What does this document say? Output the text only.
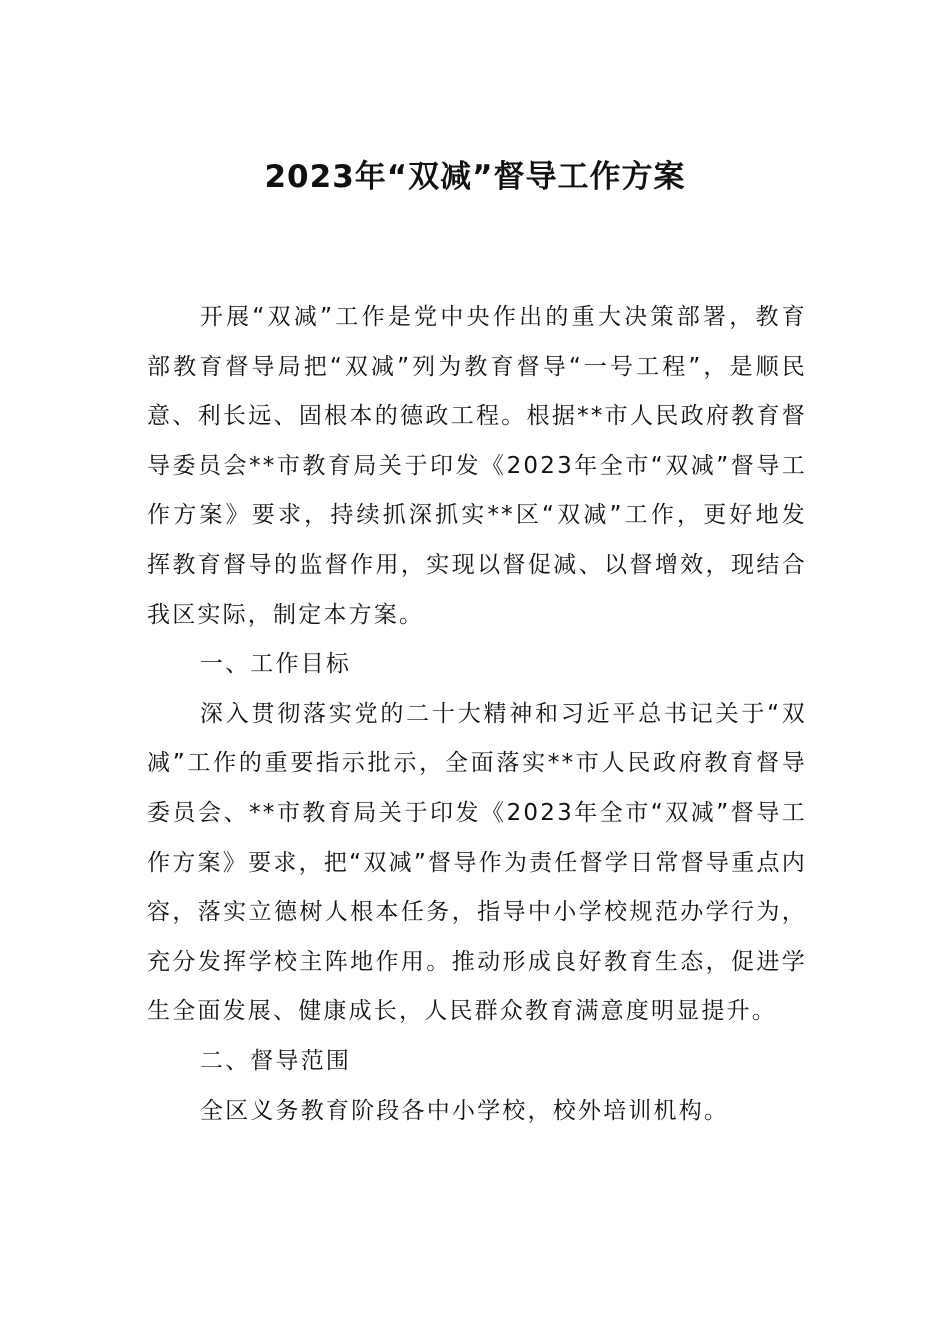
2023年“双减”督导工作方案

开展“双减”工作是党中央作出的重大决策部署，教育部教育督导局把“双减”列为教育督导“一号工程”，是顺民意、利长远、固根本的德政工程。根据**市人民政府教育督导委员会**市教育局关于印发《2023年全市“双减”督导工作方案》要求，持续抓深抓实**区“双减”工作，更好地发挥教育督导的监督作用，实现以督促减、以督增效，现结合我区实际，制定本方案。

一、工作目标

深入贯彻落实党的二十大精神和习近平总书记关于“双减”工作的重要指示批示，全面落实**市人民政府教育督导委员会、**市教育局关于印发《2023年全市“双减”督导工作方案》要求，把“双减”督导作为责任督学日常督导重点内容，落实立德树人根本任务，指导中小学校规范办学行为，充分发挥学校主阵地作用。推动形成良好教育生态，促进学生全面发展、健康成长，人民群众教育满意度明显提升。

二、督导范围

全区义务教育阶段各中小学校，校外培训机构。
